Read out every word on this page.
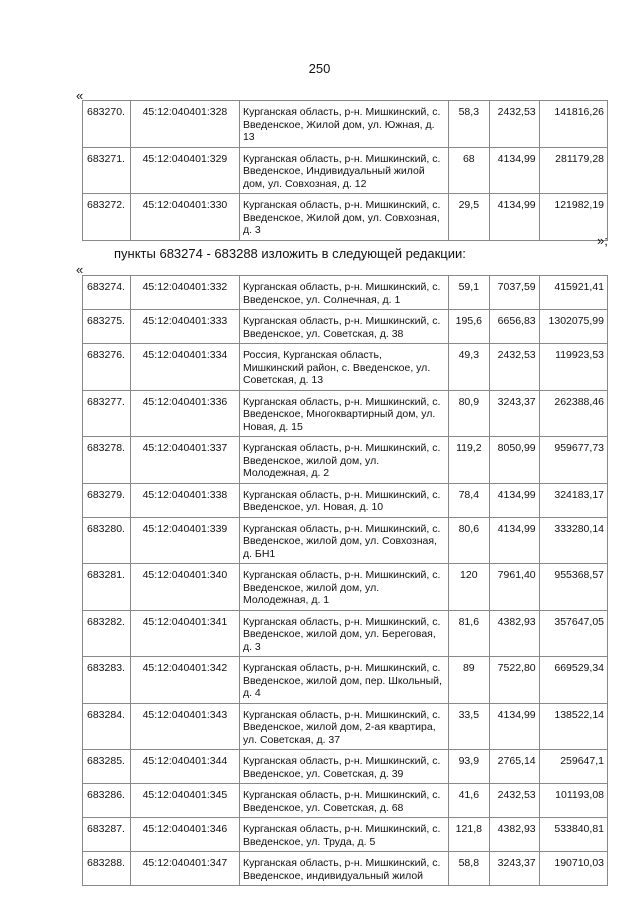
250
«
683270.	45:12:040401:328	Курганская область, р-н. Мишкинский, с. Введенское, Жилой дом, ул. Южная, д. 13	58,3	2432,53	141816,26
683271.	45:12:040401:329	Курганская область, р-н. Мишкинский, с. Введенское, Индивидуальный жилой дом, ул. Совхозная, д. 12	68	4134,99	281179,28
683272.	45:12:040401:330	Курганская область, р-н. Мишкинский, с. Введенское, Жилой дом, ул. Совхозная, д. 3	29,5	4134,99	121982,19
»;
пункты 683274 - 683288 изложить в следующей редакции:
«
683274.	45:12:040401:332	Курганская область, р-н. Мишкинский, с. Введенское, ул. Солнечная, д. 1	59,1	7037,59	415921,41
683275.	45:12:040401:333	Курганская область, р-н. Мишкинский, с. Введенское, ул. Советская, д. 38	195,6	6656,83	1302075,99
683276.	45:12:040401:334	Россия, Курганская область, Мишкинский район, с. Введенское, ул. Советская, д. 13	49,3	2432,53	119923,53
683277.	45:12:040401:336	Курганская область, р-н. Мишкинский, с. Введенское, Многоквартирный дом, ул. Новая, д. 15	80,9	3243,37	262388,46
683278.	45:12:040401:337	Курганская область, р-н. Мишкинский, с. Введенское, жилой дом, ул. Молодежная, д. 2	119,2	8050,99	959677,73
683279.	45:12:040401:338	Курганская область, р-н. Мишкинский, с. Введенское, ул. Новая, д. 10	78,4	4134,99	324183,17
683280.	45:12:040401:339	Курганская область, р-н. Мишкинский, с. Введенское, жилой дом, ул. Совхозная, д. БН1	80,6	4134,99	333280,14
683281.	45:12:040401:340	Курганская область, р-н. Мишкинский, с. Введенское, жилой дом, ул. Молодежная, д. 1	120	7961,40	955368,57
683282.	45:12:040401:341	Курганская область, р-н. Мишкинский, с. Введенское, жилой дом, ул. Береговая, д. 3	81,6	4382,93	357647,05
683283.	45:12:040401:342	Курганская область, р-н. Мишкинский, с. Введенское, жилой дом, пер. Школьный, д. 4	89	7522,80	669529,34
683284.	45:12:040401:343	Курганская область, р-н. Мишкинский, с. Введенское, жилой дом, 2-ая квартира, ул. Советская, д. 37	33,5	4134,99	138522,14
683285.	45:12:040401:344	Курганская область, р-н. Мишкинский, с. Введенское, ул. Советская, д. 39	93,9	2765,14	259647,1
683286.	45:12:040401:345	Курганская область, р-н. Мишкинский, с. Введенское, ул. Советская, д. 68	41,6	2432,53	101193,08
683287.	45:12:040401:346	Курганская область, р-н. Мишкинский, с. Введенское, ул. Труда, д. 5	121,8	4382,93	533840,81
683288.	45:12:040401:347	Курганская область, р-н. Мишкинский, с. Введенское, индивидуальный жилой	58,8	3243,37	190710,03
